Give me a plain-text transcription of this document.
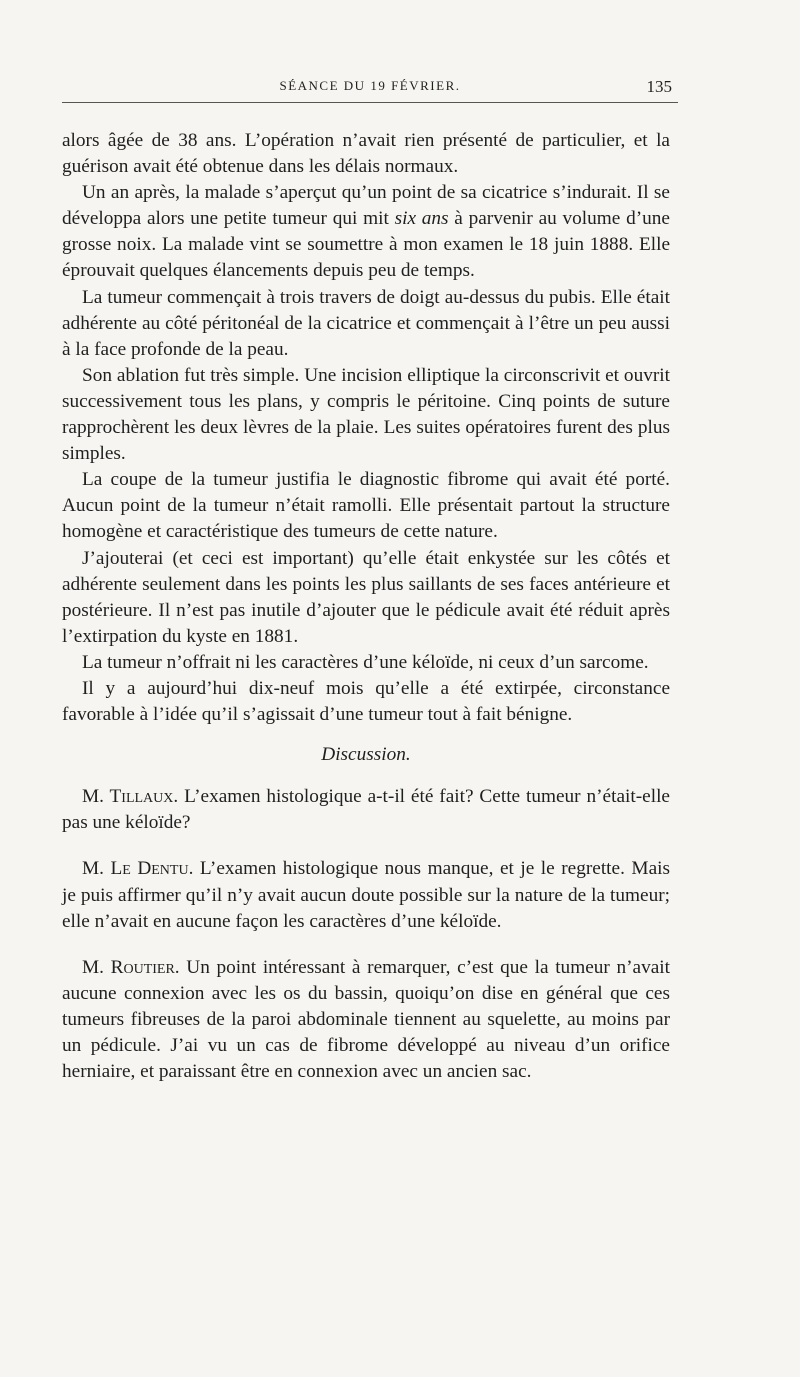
SÉANCE DU 19 FÉVRIER.	135

alors âgée de 38 ans. L’opération n’avait rien présenté de particulier, et la guérison avait été obtenue dans les délais normaux.

Un an après, la malade s’aperçut qu’un point de sa cicatrice s’indurait. Il se développa alors une petite tumeur qui mit six ans à parvenir au volume d’une grosse noix. La malade vint se soumettre à mon examen le 18 juin 1888. Elle éprouvait quelques élancements depuis peu de temps.

La tumeur commençait à trois travers de doigt au-dessus du pubis. Elle était adhérente au côté péritonéal de la cicatrice et commençait à l’être un peu aussi à la face profonde de la peau.

Son ablation fut très simple. Une incision elliptique la circonscrivit et ouvrit successivement tous les plans, y compris le péritoine. Cinq points de suture rapprochèrent les deux lèvres de la plaie. Les suites opératoires furent des plus simples.

La coupe de la tumeur justifia le diagnostic fibrome qui avait été porté. Aucun point de la tumeur n’était ramolli. Elle présentait partout la structure homogène et caractéristique des tumeurs de cette nature.

J’ajouterai (et ceci est important) qu’elle était enkystée sur les côtés et adhérente seulement dans les points les plus saillants de ses faces antérieure et postérieure. Il n’est pas inutile d’ajouter que le pédicule avait été réduit après l’extirpation du kyste en 1881.

La tumeur n’offrait ni les caractères d’une kéloïde, ni ceux d’un sarcome.

Il y a aujourd’hui dix-neuf mois qu’elle a été extirpée, circonstance favorable à l’idée qu’il s’agissait d’une tumeur tout à fait bénigne.

Discussion.

M. Tillaux. L’examen histologique a-t-il été fait? Cette tumeur n’était-elle pas une kéloïde?

M. Le Dentu. L’examen histologique nous manque, et je le regrette. Mais je puis affirmer qu’il n’y avait aucun doute possible sur la nature de la tumeur; elle n’avait en aucune façon les caractères d’une kéloïde.

M. Routier. Un point intéressant à remarquer, c’est que la tumeur n’avait aucune connexion avec les os du bassin, quoiqu’on dise en général que ces tumeurs fibreuses de la paroi abdominale tiennent au squelette, au moins par un pédicule. J’ai vu un cas de fibrome développé au niveau d’un orifice herniaire, et paraissant être en connexion avec un ancien sac.
